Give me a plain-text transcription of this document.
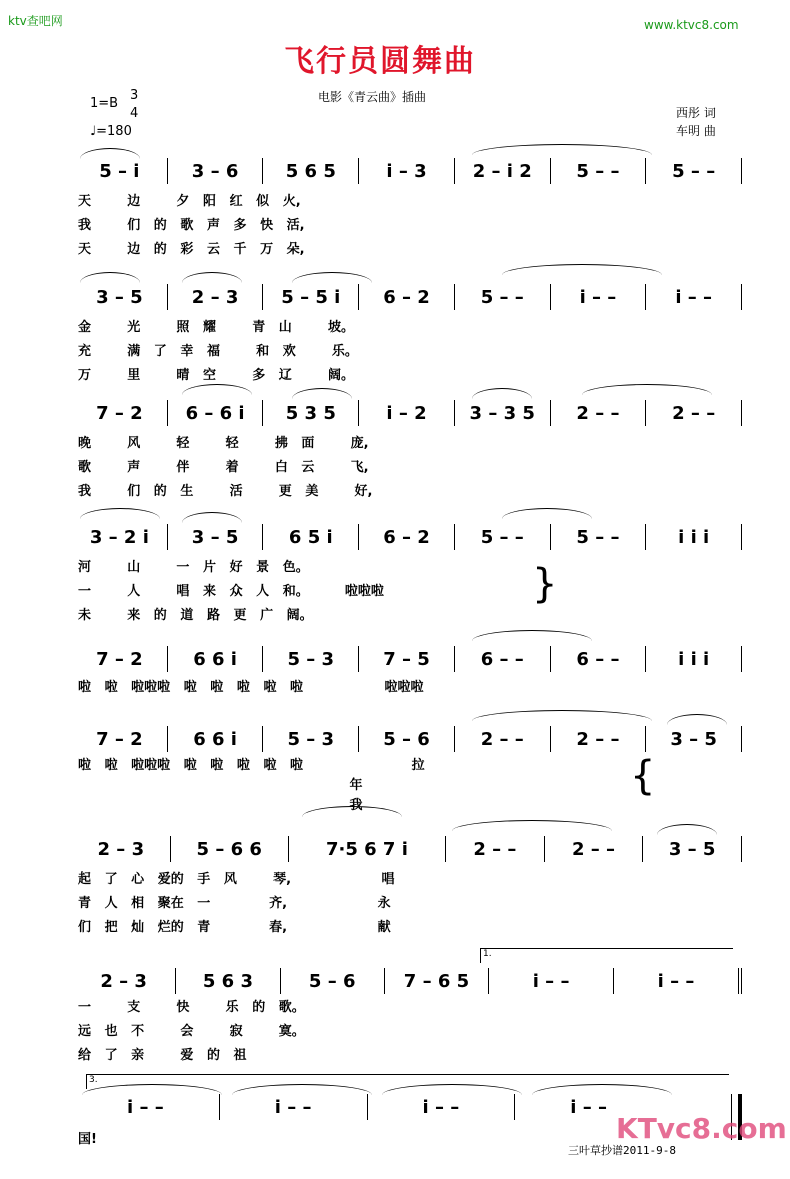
ktv查吧网	www.ktvc8.com
飞行员圆舞曲
电影《青云曲》插曲
1=B
3
4
♩=180
西彤 词
车明 曲
5 – i	3 – 6	5 6 5	i – 3	2 – i 2	5 – –	5 – –
天        边        夕   阳   红   似   火,
我        们   的   歌   声   多   快   活,
天        边   的   彩   云   千   万   朵,
3 – 5	2 – 3	5 – 5 i	6 – 2	5 – –	i – –	i – –
金        光        照   耀        青   山        坡。
充        满   了   幸   福        和   欢        乐。
万        里        晴   空        多   辽        阔。
7 – 2	6 – 6 i	5 3 5	i – 2	3 – 3 5	2 – –	2 – –
晚        风        轻        轻        拂   面        庞,
歌        声        伴        着        白   云        飞,
我        们   的   生        活        更   美        好,
3 – 2 i	3 – 5	6 5 i	6 – 2	5 – –	5 – –	i i i
河        山        一   片   好   景   色。
一        人        唱   来   众   人   和。        啦啦啦
未        来   的   道   路   更   广   阔。
}
7 – 2	6 6 i	5 – 3	7 – 5	6 – –	6 – –	i i i
啦   啦   啦啦啦   啦   啦   啦   啦   啦                  啦啦啦
7 – 2	6 6 i	5 – 3	5 – 6	2 – –	2 – –	3 – 5
啦   啦   啦啦啦   啦   啦   啦   啦   啦                        拉
年
我
{
2 – 3	5 – 6 6	7·5 6 7 i	2 – –	2 – –	3 – 5
起   了   心   爱的   手   风        琴,                    唱
青   人   相   聚在   一             齐,                    永
们   把   灿   烂的   青             春,                    献
2 – 3	5 6 3	5 – 6	7 – 6 5	i – –	i – –
1.
一        支        快        乐   的   歌。
远   也   不        会        寂        寞。
给   了   亲        爱   的   祖
3.
i – –	i – –	i – –	i – –
国!	KTvc8.com
三叶草抄谱2011-9-8
